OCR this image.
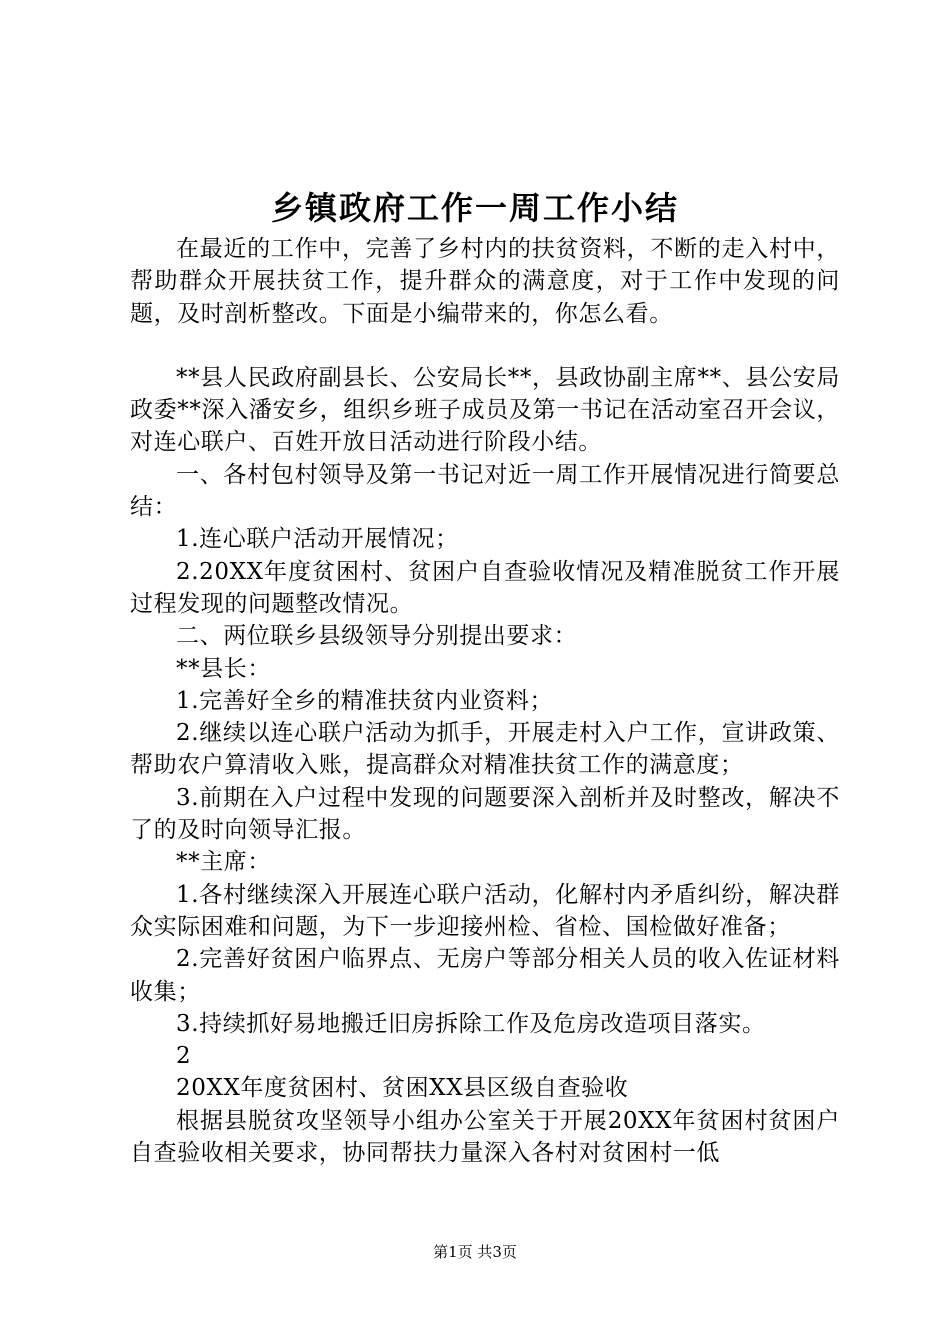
乡镇政府工作一周工作小结

在最近的工作中，完善了乡村内的扶贫资料，不断的走入村中，帮助群众开展扶贫工作，提升群众的满意度，对于工作中发现的问题，及时剖析整改。下面是小编带来的，你怎么看。

**县人民政府副县长、公安局长**，县政协副主席**、县公安局政委**深入潘安乡，组织乡班子成员及第一书记在活动室召开会议，对连心联户、百姓开放日活动进行阶段小结。

一、各村包村领导及第一书记对近一周工作开展情况进行简要总结：

1.连心联户活动开展情况；

2.20XX年度贫困村、贫困户自查验收情况及精准脱贫工作开展过程发现的问题整改情况。

二、两位联乡县级领导分别提出要求：

**县长：

1.完善好全乡的精准扶贫内业资料；

2.继续以连心联户活动为抓手，开展走村入户工作，宣讲政策、帮助农户算清收入账，提高群众对精准扶贫工作的满意度；

3.前期在入户过程中发现的问题要深入剖析并及时整改，解决不了的及时向领导汇报。

**主席：

1.各村继续深入开展连心联户活动，化解村内矛盾纠纷，解决群众实际困难和问题，为下一步迎接州检、省检、国检做好准备；

2.完善好贫困户临界点、无房户等部分相关人员的收入佐证材料收集；

3.持续抓好易地搬迁旧房拆除工作及危房改造项目落实。

2

20XX年度贫困村、贫困XX县区级自查验收

根据县脱贫攻坚领导小组办公室关于开展20XX年贫困村贫困户自查验收相关要求，协同帮扶力量深入各村对贫困村一低

第1页 共3页
